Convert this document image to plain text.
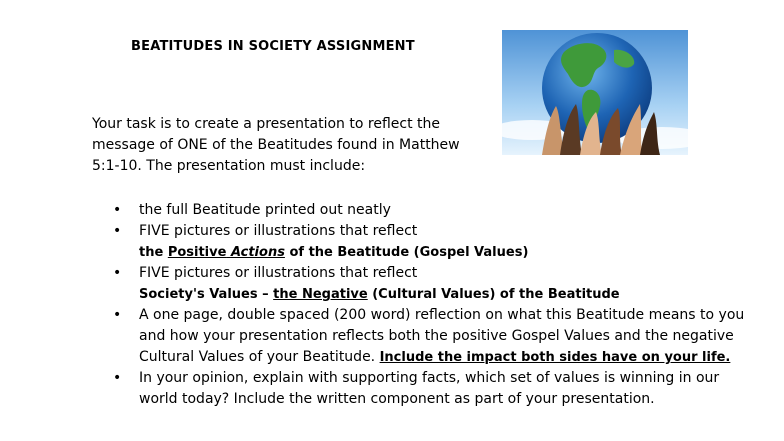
BEATITUDES IN SOCIETY ASSIGNMENT
Your task is to create a presentation to reflect the message of ONE of the Beatitudes found in Matthew 5:1-10. The presentation must include:
• the full Beatitude printed out neatly
• FIVE pictures or illustrations that reflect
the Positive Actions of the Beatitude (Gospel Values)
• FIVE pictures or illustrations that reflect
Society's Values – the Negative (Cultural Values) of the Beatitude
• A one page, double spaced (200 word) reflection on what this Beatitude means to you and how your presentation reflects both the positive Gospel Values and the negative Cultural Values of your Beatitude. Include the impact both sides have on your life.
• In your opinion, explain with supporting facts, which set of values is winning in our world today? Include the written component as part of your presentation.
